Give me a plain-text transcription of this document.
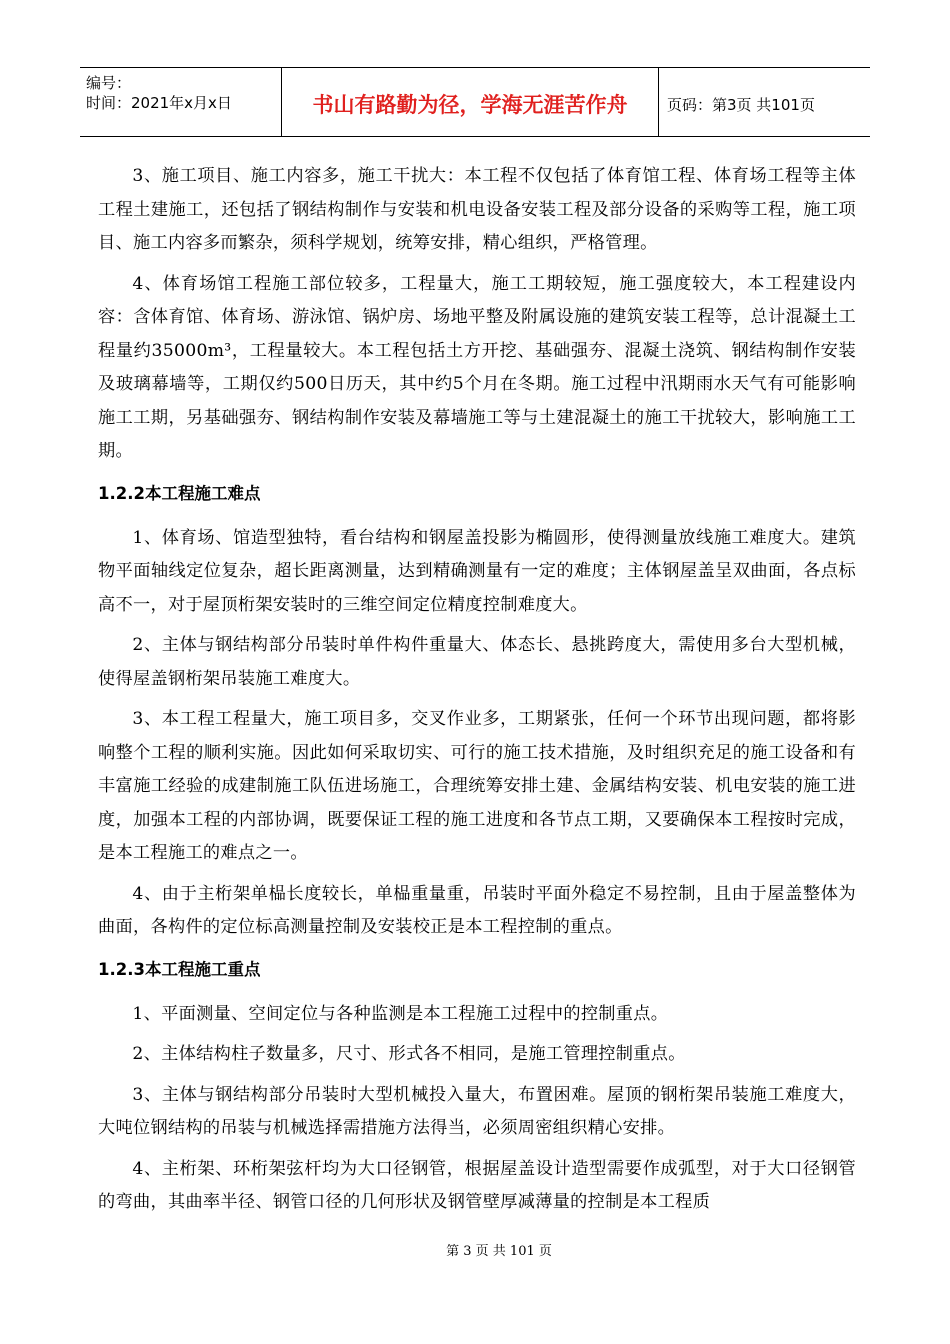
编号：
时间：2021年x月x日	书山有路勤为径，学海无涯苦作舟	页码：第3页 共101页

3、施工项目、施工内容多，施工干扰大：本工程不仅包括了体育馆工程、体育场工程等主体工程土建施工，还包括了钢结构制作与安装和机电设备安装工程及部分设备的采购等工程，施工项目、施工内容多而繁杂，须科学规划，统筹安排，精心组织，严格管理。

4、体育场馆工程施工部位较多，工程量大，施工工期较短，施工强度较大，本工程建设内容：含体育馆、体育场、游泳馆、锅炉房、场地平整及附属设施的建筑安装工程等，总计混凝土工程量约35000m³，工程量较大。本工程包括土方开挖、基础强夯、混凝土浇筑、钢结构制作安装及玻璃幕墙等，工期仅约500日历天，其中约5个月在冬期。施工过程中汛期雨水天气有可能影响施工工期，另基础强夯、钢结构制作安装及幕墙施工等与土建混凝土的施工干扰较大，影响施工工期。

1.2.2本工程施工难点

1、体育场、馆造型独特，看台结构和钢屋盖投影为椭圆形，使得测量放线施工难度大。建筑物平面轴线定位复杂，超长距离测量，达到精确测量有一定的难度；主体钢屋盖呈双曲面，各点标高不一，对于屋顶桁架安装时的三维空间定位精度控制难度大。

2、主体与钢结构部分吊装时单件构件重量大、体态长、悬挑跨度大，需使用多台大型机械，使得屋盖钢桁架吊装施工难度大。

3、本工程工程量大，施工项目多，交叉作业多，工期紧张，任何一个环节出现问题，都将影响整个工程的顺利实施。因此如何采取切实、可行的施工技术措施，及时组织充足的施工设备和有丰富施工经验的成建制施工队伍进场施工，合理统筹安排土建、金属结构安装、机电安装的施工进度，加强本工程的内部协调，既要保证工程的施工进度和各节点工期，又要确保本工程按时完成，是本工程施工的难点之一。

4、由于主桁架单榀长度较长，单榀重量重，吊装时平面外稳定不易控制，且由于屋盖整体为曲面，各构件的定位标高测量控制及安装校正是本工程控制的重点。

1.2.3本工程施工重点

1、平面测量、空间定位与各种监测是本工程施工过程中的控制重点。

2、主体结构柱子数量多，尺寸、形式各不相同，是施工管理控制重点。

3、主体与钢结构部分吊装时大型机械投入量大，布置困难。屋顶的钢桁架吊装施工难度大，大吨位钢结构的吊装与机械选择需措施方法得当，必须周密组织精心安排。

4、主桁架、环桁架弦杆均为大口径钢管，根据屋盖设计造型需要作成弧型，对于大口径钢管的弯曲，其曲率半径、钢管口径的几何形状及钢管壁厚减薄量的控制是本工程质

第 3 页 共 101 页
